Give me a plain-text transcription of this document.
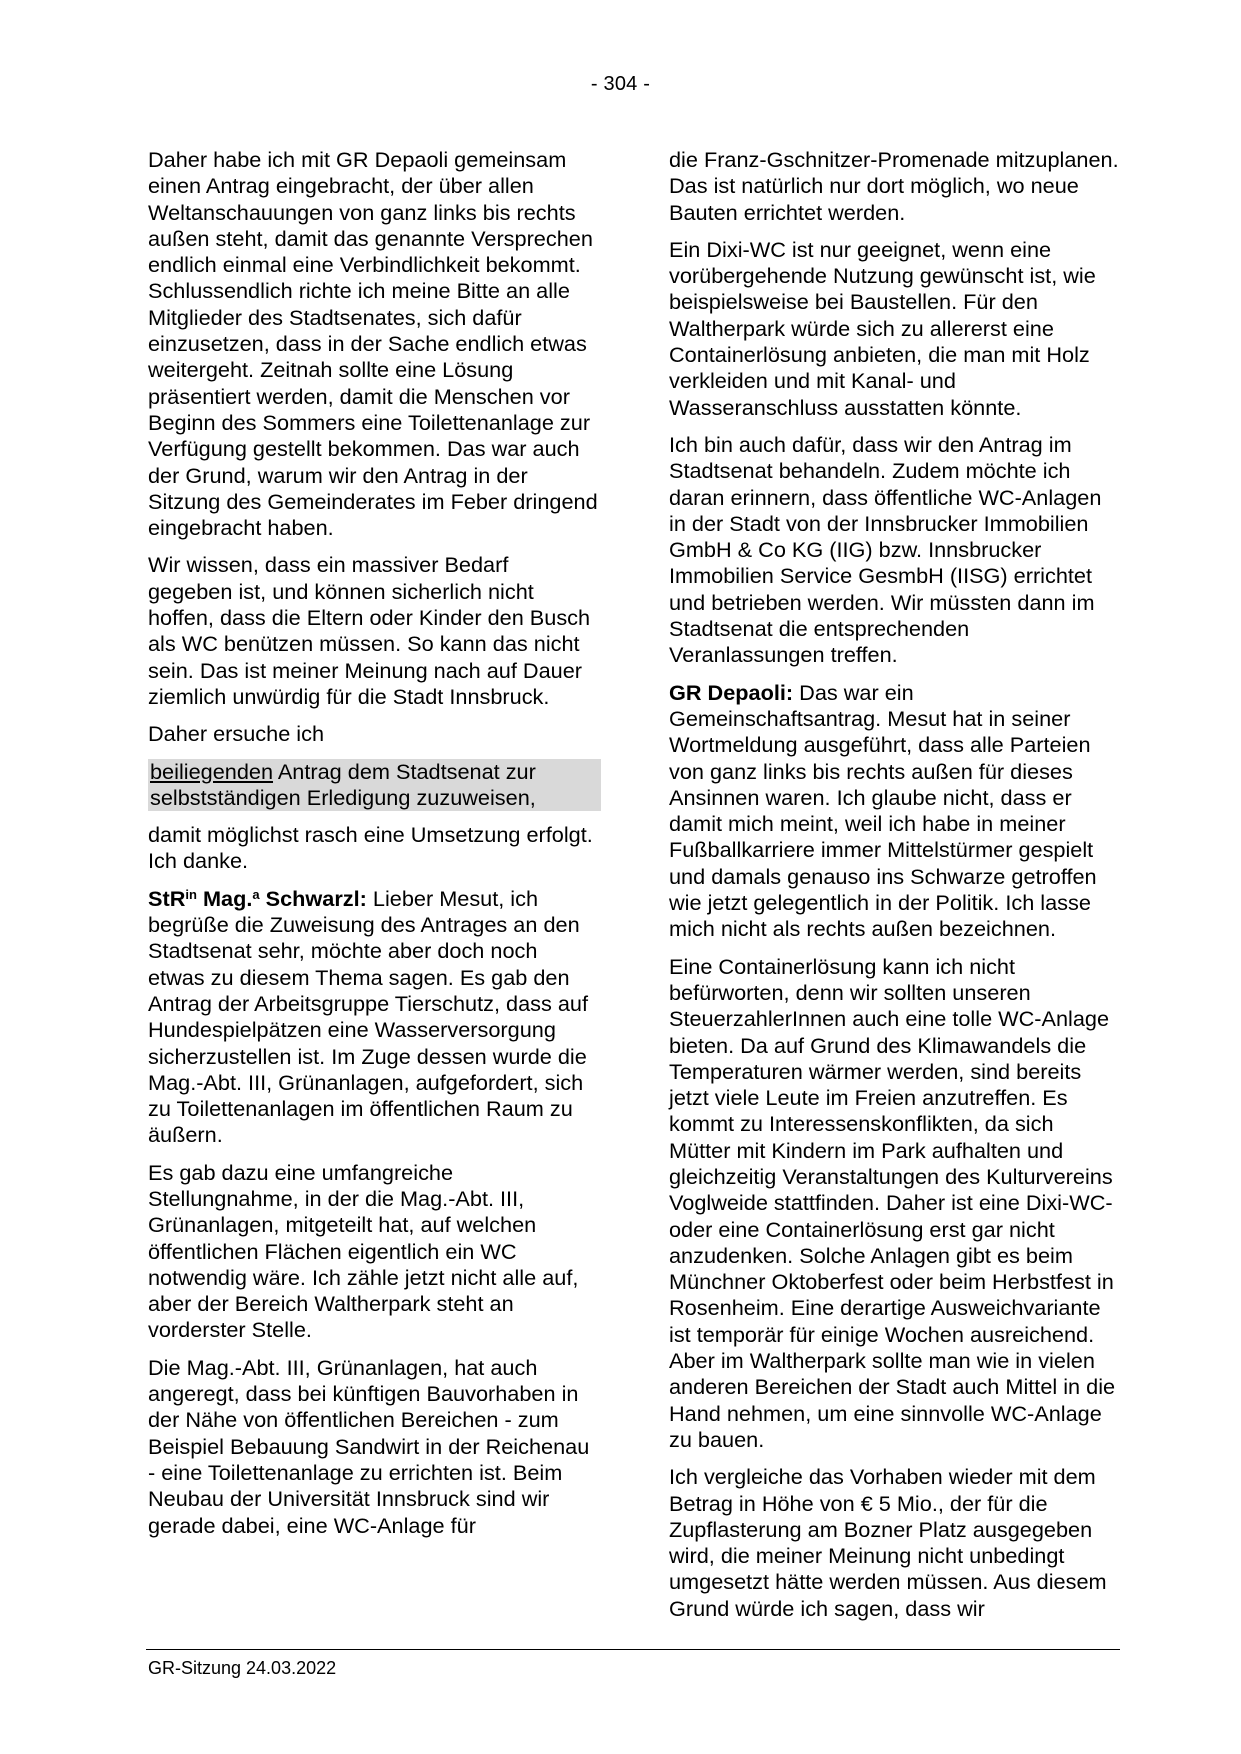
- 304 -

Daher habe ich mit GR Depaoli gemeinsam einen Antrag eingebracht, der über allen Weltanschauungen von ganz links bis rechts außen steht, damit das genannte Versprechen endlich einmal eine Verbindlichkeit bekommt. Schlussendlich richte ich meine Bitte an alle Mitglieder des Stadtsenates, sich dafür einzusetzen, dass in der Sache endlich etwas weitergeht. Zeitnah sollte eine Lösung präsentiert werden, damit die Menschen vor Beginn des Sommers eine Toilettenanlage zur Verfügung gestellt bekommen. Das war auch der Grund, warum wir den Antrag in der Sitzung des Gemeinderates im Feber dringend eingebracht haben.

Wir wissen, dass ein massiver Bedarf gegeben ist, und können sicherlich nicht hoffen, dass die Eltern oder Kinder den Busch als WC benützen müssen. So kann das nicht sein. Das ist meiner Meinung nach auf Dauer ziemlich unwürdig für die Stadt Innsbruck.

Daher ersuche ich

beiliegenden Antrag dem Stadtsenat zur selbstständigen Erledigung zuzuweisen,

damit möglichst rasch eine Umsetzung erfolgt. Ich danke.

StR$^{in}$ Mag.$^a$ Schwarzl: Lieber Mesut, ich begrüße die Zuweisung des Antrages an den Stadtsenat sehr, möchte aber doch noch etwas zu diesem Thema sagen. Es gab den Antrag der Arbeitsgruppe Tierschutz, dass auf Hundespielpätzen eine Wasserversorgung sicherzustellen ist. Im Zuge dessen wurde die Mag.-Abt. III, Grünanlagen, aufgefordert, sich zu Toilettenanlagen im öffentlichen Raum zu äußern.

Es gab dazu eine umfangreiche Stellungnahme, in der die Mag.-Abt. III, Grünanlagen, mitgeteilt hat, auf welchen öffentlichen Flächen eigentlich ein WC notwendig wäre. Ich zähle jetzt nicht alle auf, aber der Bereich Waltherpark steht an vorderster Stelle.

Die Mag.-Abt. III, Grünanlagen, hat auch angeregt, dass bei künftigen Bauvorhaben in der Nähe von öffentlichen Bereichen - zum Beispiel Bebauung Sandwirt in der Reichenau - eine Toilettenanlage zu errichten ist. Beim Neubau der Universität Innsbruck sind wir gerade dabei, eine WC-Anlage für

die Franz-Gschnitzer-Promenade mitzuplanen. Das ist natürlich nur dort möglich, wo neue Bauten errichtet werden.

Ein Dixi-WC ist nur geeignet, wenn eine vorübergehende Nutzung gewünscht ist, wie beispielsweise bei Baustellen. Für den Waltherpark würde sich zu allererst eine Containerlösung anbieten, die man mit Holz verkleiden und mit Kanal- und Wasseranschluss ausstatten könnte.

Ich bin auch dafür, dass wir den Antrag im Stadtsenat behandeln. Zudem möchte ich daran erinnern, dass öffentliche WC-Anlagen in der Stadt von der Innsbrucker Immobilien GmbH & Co KG (IIG) bzw. Innsbrucker Immobilien Service GesmbH (IISG) errichtet und betrieben werden. Wir müssten dann im Stadtsenat die entsprechenden Veranlassungen treffen.

GR Depaoli: Das war ein Gemeinschaftsantrag. Mesut hat in seiner Wortmeldung ausgeführt, dass alle Parteien von ganz links bis rechts außen für dieses Ansinnen waren. Ich glaube nicht, dass er damit mich meint, weil ich habe in meiner Fußballkarriere immer Mittelstürmer gespielt und damals genauso ins Schwarze getroffen wie jetzt gelegentlich in der Politik. Ich lasse mich nicht als rechts außen bezeichnen.

Eine Containerlösung kann ich nicht befürworten, denn wir sollten unseren SteuerzahlerInnen auch eine tolle WC-Anlage bieten. Da auf Grund des Klimawandels die Temperaturen wärmer werden, sind bereits jetzt viele Leute im Freien anzutreffen. Es kommt zu Interessenskonflikten, da sich Mütter mit Kindern im Park aufhalten und gleichzeitig Veranstaltungen des Kulturvereins Voglweide stattfinden. Daher ist eine Dixi-WC- oder eine Containerlösung erst gar nicht anzudenken. Solche Anlagen gibt es beim Münchner Oktoberfest oder beim Herbstfest in Rosenheim. Eine derartige Ausweichvariante ist temporär für einige Wochen ausreichend. Aber im Waltherpark sollte man wie in vielen anderen Bereichen der Stadt auch Mittel in die Hand nehmen, um eine sinnvolle WC-Anlage zu bauen.

Ich vergleiche das Vorhaben wieder mit dem Betrag in Höhe von € 5 Mio., der für die Zupflasterung am Bozner Platz ausgegeben wird, die meiner Meinung nicht unbedingt umgesetzt hätte werden müssen. Aus diesem Grund würde ich sagen, dass wir

GR-Sitzung 24.03.2022
